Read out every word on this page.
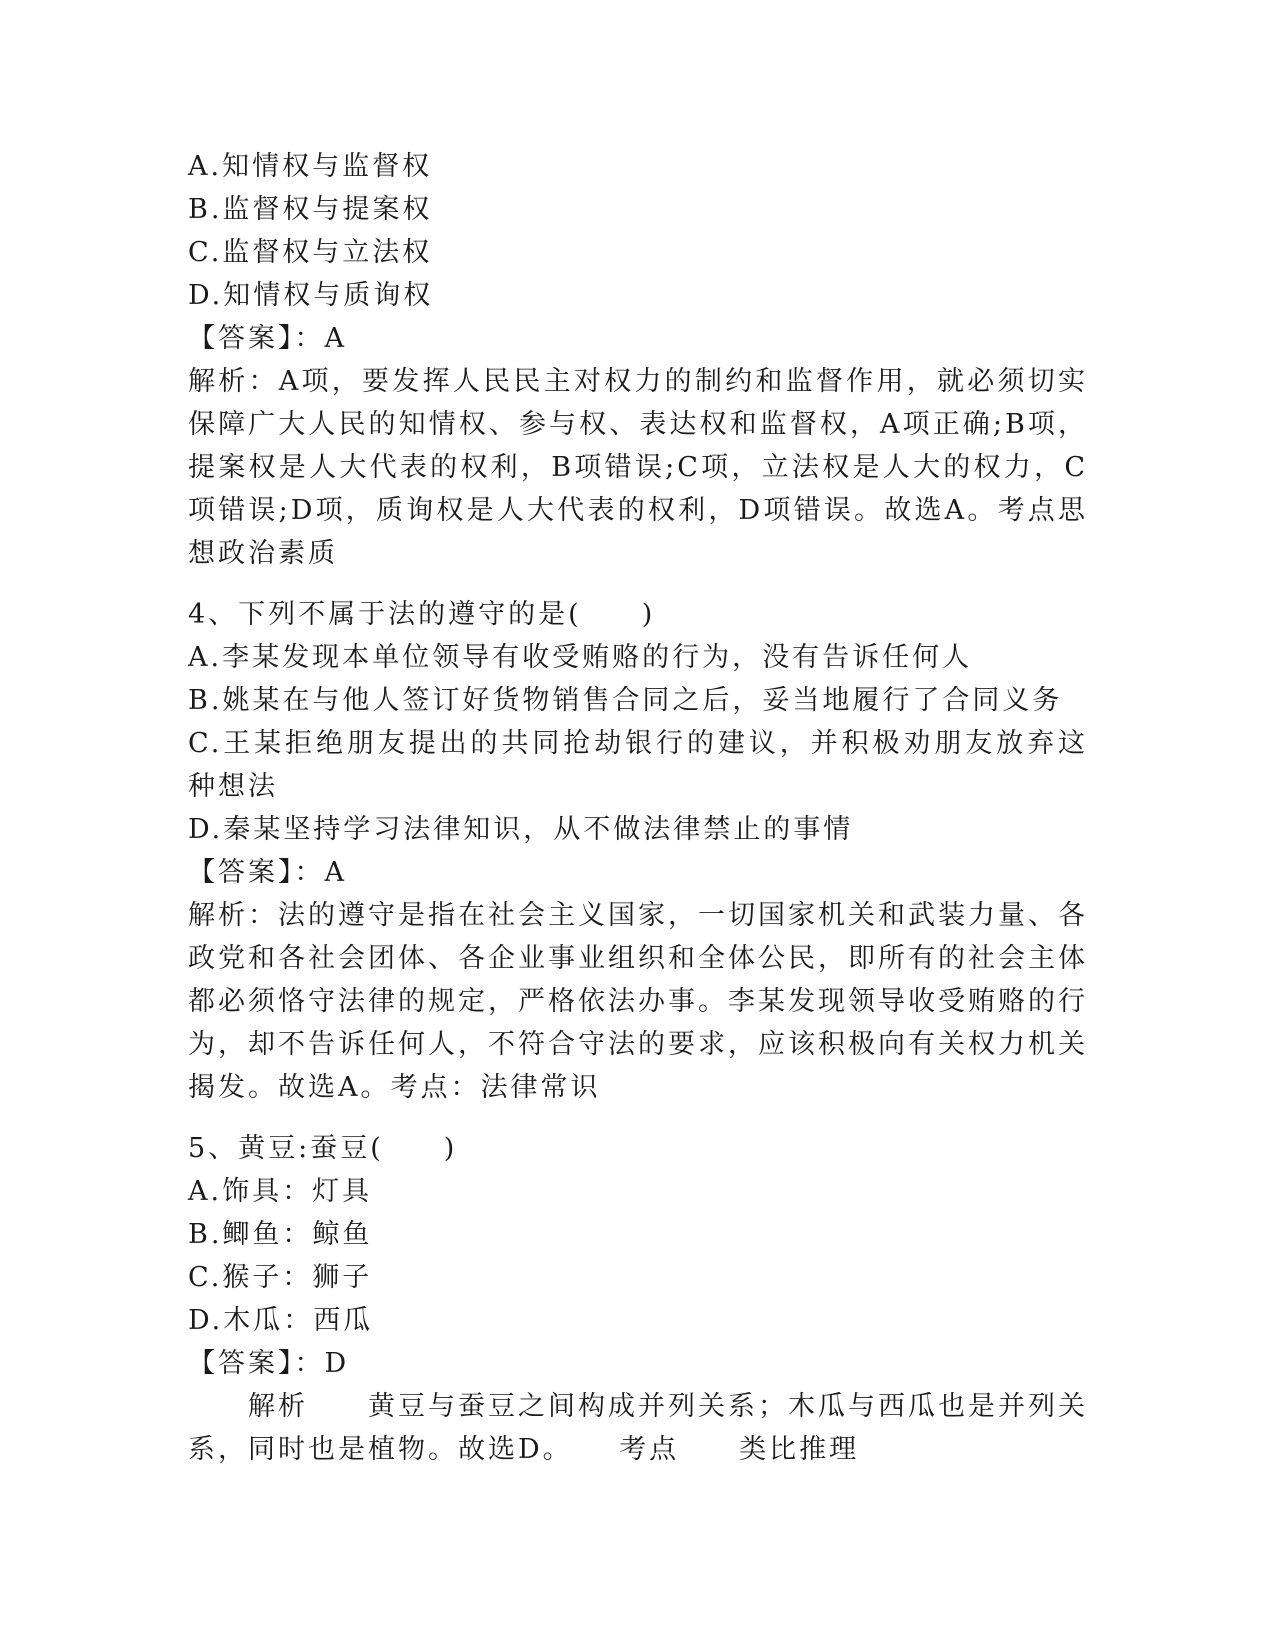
A.知情权与监督权
B.监督权与提案权
C.监督权与立法权
D.知情权与质询权
【答案】：A
解析：A项，要发挥人民民主对权力的制约和监督作用，就必须切实保障广大人民的知情权、参与权、表达权和监督权，A项正确;B项，提案权是人大代表的权利，B项错误;C项，立法权是人大的权力，C项错误;D项，质询权是人大代表的权利，D项错误。故选A。考点思想政治素质
4、下列不属于法的遵守的是(　　)
A.李某发现本单位领导有收受贿赂的行为，没有告诉任何人
B.姚某在与他人签订好货物销售合同之后，妥当地履行了合同义务
C.王某拒绝朋友提出的共同抢劫银行的建议，并积极劝朋友放弃这种想法
D.秦某坚持学习法律知识，从不做法律禁止的事情
【答案】：A
解析：法的遵守是指在社会主义国家，一切国家机关和武装力量、各政党和各社会团体、各企业事业组织和全体公民，即所有的社会主体都必须恪守法律的规定，严格依法办事。李某发现领导收受贿赂的行为，却不告诉任何人，不符合守法的要求，应该积极向有关权力机关揭发。故选A。考点：法律常识
5、黄豆:蚕豆(　　)
A.饰具：灯具
B.鲫鱼：鲸鱼
C.猴子：狮子
D.木瓜：西瓜
【答案】：D
　　解析　　黄豆与蚕豆之间构成并列关系；木瓜与西瓜也是并列关系，同时也是植物。故选D。　　考点　　类比推理
